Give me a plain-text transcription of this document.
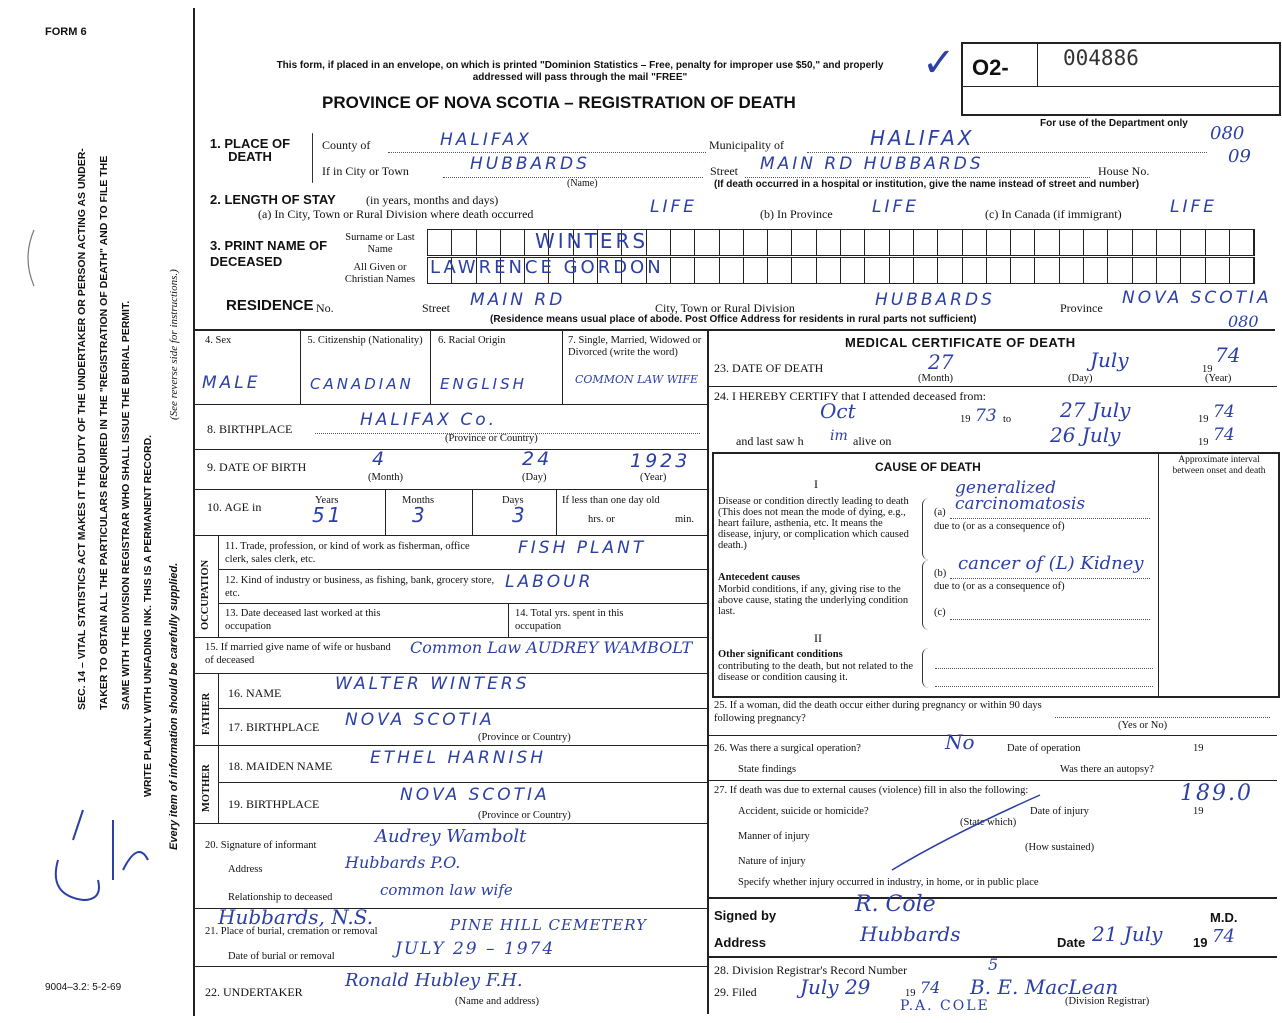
FORM 6
SEC. 14 – VITAL STATISTICS ACT MAKES IT THE DUTY OF THE UNDERTAKER OR PERSON ACTING AS UNDER- TAKER TO OBTAIN ALL THE PARTICULARS REQUIRED IN THE "REGISTRATION OF DEATH" AND TO FILE THE SAME WITH THE DIVISION REGISTRAR WHO SHALL ISSUE THE BURIAL PERMIT. WRITE PLAINLY WITH UNFADING INK. THIS IS A PERMANENT RECORD. Every item of information should be carefully supplied.
(See reverse side for instructions.)
9004–3.2: 5-2-69
This form, if placed in an envelope, on which is printed "Dominion Statistics – Free, penalty for improper use $50," and properly addressed will pass through the mail "FREE"
PROVINCE OF NOVA SCOTIA – REGISTRATION OF DEATH
O2-	004886
For use of the Department only
✓
080
09
080
1. PLACE OF DEATH
County of	HALIFAX	Municipality of	HALIFAX
If in City or Town	HUBBARDS
(Name)
Street MAIN RD HUBBARDS	House No.
(If death occurred in a hospital or institution, give the name instead of street and number)
2. LENGTH OF STAY	(in years, months and days)
(a) In City, Town or Rural Division where death occurred	LIFE	(b) In Province LIFE	(c) In Canada (if immigrant)	LIFE
3. PRINT NAME OF DECEASED
Surname or Last Name
All Given or Christian Names
WINTERS
LAWRENCE GORDON
RESIDENCE No.	Street MAIN RD	City, Town or Rural Division	HUBBARDS	Province NOVA SCOTIA
(Residence means usual place of abode. Post Office Address for residents in rural parts not sufficient)
4. Sex
MALE
5. Citizenship (Nationality)
CANADIAN
6. Racial Origin
ENGLISH
7. Single, Married, Widowed or Divorced (write the word)
COMMON LAW WIFE
8. BIRTHPLACE	HALIFAX Co.
(Province or Country)
9. DATE OF BIRTH	4	24	1923
(Month)	(Day)	(Year)
10. AGE in	Years	Months	Days
51	3	3
If less than one day old
hrs. or	min.
OCCUPATION
11. Trade, profession, or kind of work as fisherman, office clerk, sales clerk, etc.
FISH PLANT
12. Kind of industry or business, as fishing, bank, grocery store, etc.
LABOUR
13. Date deceased last worked at this occupation
14. Total yrs. spent in this occupation
15. If married give name of wife or husband of deceased
Common Law AUDREY WAMBOLT
FATHER 16. NAME	WALTER WINTERS
17. BIRTHPLACE NOVA SCOTIA
(Province or Country)
MOTHER 18. MAIDEN NAME ETHEL HARNISH
19. BIRTHPLACE	NOVA SCOTIA
(Province or Country)
20. Signature of informant	Audrey Wambolt
Address	Hubbards P.O.
Relationship to deceased	common law wife
Hubbards, N.S.
21. Place of burial, cremation or removal	PINE HILL CEMETERY
Date of burial or removal	JULY 29 – 1974
22. UNDERTAKER
Ronald Hubley F.H.
(Name and address)
MEDICAL CERTIFICATE OF DEATH
23. DATE OF DEATH	27	July	19
74
(Month)	(Day)	(Year)
24. I HEREBY CERTIFY that I attended deceased from:
Oct	19 73 to 27 July	19 74
and last saw h im alive on	26 July	19 74
CAUSE OF DEATH	Approximate interval between onset and death
I
Disease or condition directly leading to death (This does not mean the mode of dying, e.g., heart failure, asthenia, etc. It means the disease, injury, or complication which caused death.)
(a)
generalized carcinomatosis
due to (or as a consequence of)
Antecedent causes
Morbid conditions, if any, giving rise to the above cause, stating the underlying condition last.
(b) cancer of (L) Kidney
due to (or as a consequence of)
(c)
II
Other significant conditions
contributing to the death, but not related to the disease or condition causing it.
25. If a woman, did the death occur either during pregnancy or within 90 days following pregnancy?
(Yes or No)
26. Was there a surgical operation?	No	Date of operation	19
State findings	Was there an autopsy?
27. If death was due to external causes (violence) fill in also the following:	189.0
Accident, suicide or homicide?	Date of injury	19
(State which)
Manner of injury
(How sustained)
Nature of injury
Specify whether injury occurred in industry, in home, or in public place
Signed by	R. Cole
M.D.
Address	Hubbards	Date 21 July 19 74
28. Division Registrar's Record Number	5
29. Filed July 29	19 74 B. E. MacLean
(Division Registrar)
P.A. COLE
